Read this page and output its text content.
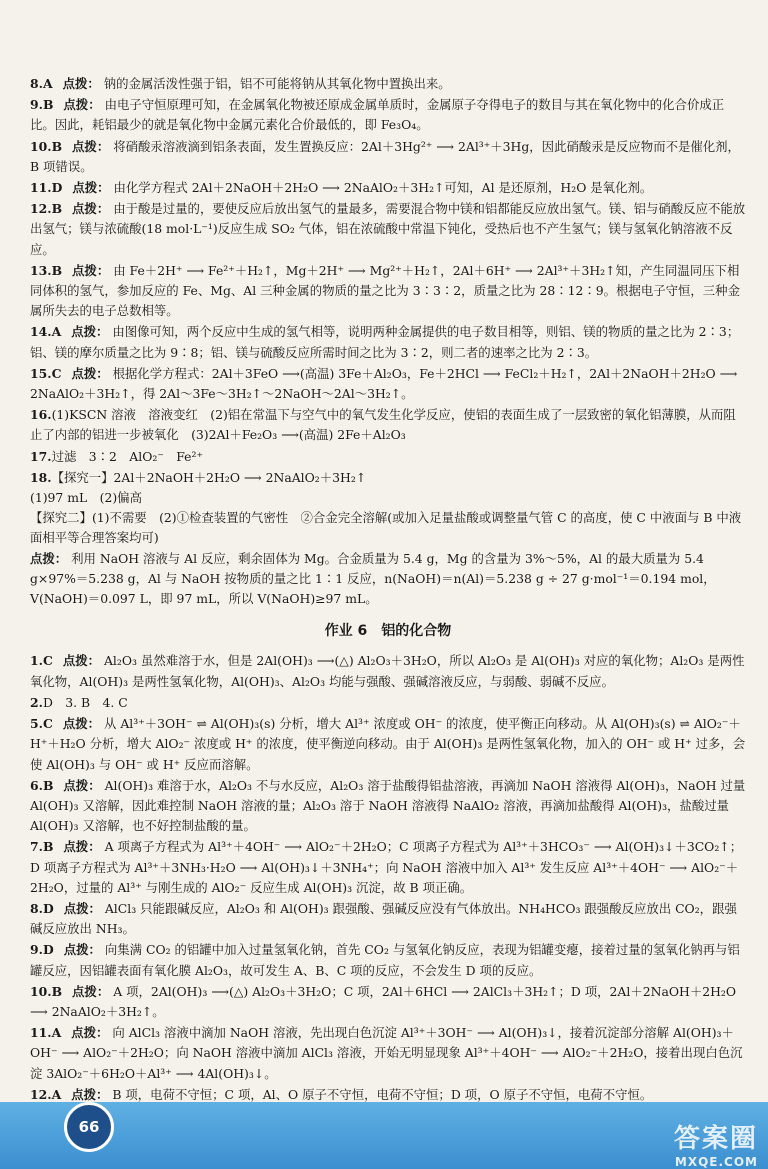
8.A 点拨： 钠的金属活泼性强于铝，铝不可能将钠从其氧化物中置换出来。
9.B 点拨： 由电子守恒原理可知，在金属氧化物被还原成金属单质时，金属原子夺得电子的数目与其在氧化物中的化合价成正比。因此，耗铝最少的就是氧化物中金属元素化合价最低的，即 Fe₃O₄。
10.B 点拨： 将硝酸汞溶液滴到铝条表面，发生置换反应：2Al＋3Hg²⁺ ⟶ 2Al³⁺＋3Hg，因此硝酸汞是反应物而不是催化剂，B 项错误。
11.D 点拨： 由化学方程式 2Al＋2NaOH＋2H₂O ⟶ 2NaAlO₂＋3H₂↑可知，Al 是还原剂，H₂O 是氧化剂。
12.B 点拨： 由于酸是过量的，要使反应后放出氢气的量最多，需要混合物中镁和铝都能反应放出氢气。镁、铝与硝酸反应不能放出氢气；镁与浓硫酸(18 mol·L⁻¹)反应生成 SO₂ 气体，铝在浓硫酸中常温下钝化，受热后也不产生氢气；镁与氢氧化钠溶液不反应。
13.B 点拨： 由 Fe＋2H⁺ ⟶ Fe²⁺＋H₂↑，Mg＋2H⁺ ⟶ Mg²⁺＋H₂↑，2Al＋6H⁺ ⟶ 2Al³⁺＋3H₂↑知，产生同温同压下相同体积的氢气，参加反应的 Fe、Mg、Al 三种金属的物质的量之比为 3∶3∶2，质量之比为 28∶12∶9。根据电子守恒，三种金属所失去的电子总数相等。
14.A 点拨： 由图像可知，两个反应中生成的氢气相等，说明两种金属提供的电子数目相等，则铝、镁的物质的量之比为 2∶3；铝、镁的摩尔质量之比为 9∶8；铝、镁与硫酸反应所需时间之比为 3∶2，则二者的速率之比为 2∶3。
15.C 点拨： 根据化学方程式：2Al＋3FeO ⟶(高温) 3Fe＋Al₂O₃，Fe＋2HCl ⟶ FeCl₂＋H₂↑，2Al＋2NaOH＋2H₂O ⟶ 2NaAlO₂＋3H₂↑，得 2Al～3Fe～3H₂↑～2NaOH～2Al～3H₂↑。
16.(1)KSCN 溶液　溶液变红　(2)铝在常温下与空气中的氧气发生化学反应，使铝的表面生成了一层致密的氧化铝薄膜，从而阻止了内部的铝进一步被氧化　(3)2Al＋Fe₂O₃ ⟶(高温) 2Fe＋Al₂O₃
17.过滤　3∶2　AlO₂⁻　Fe²⁺
18.【探究一】2Al＋2NaOH＋2H₂O ⟶ 2NaAlO₂＋3H₂↑
(1)97 mL　(2)偏高
【探究二】(1)不需要　(2)①检查装置的气密性　②合金完全溶解(或加入足量盐酸或调整量气管 C 的高度，使 C 中液面与 B 中液面相平等合理答案均可)
点拨： 利用 NaOH 溶液与 Al 反应，剩余固体为 Mg。合金质量为 5.4 g，Mg 的含量为 3%～5%，Al 的最大质量为 5.4 g×97%＝5.238 g，Al 与 NaOH 按物质的量之比 1∶1 反应，n(NaOH)＝n(Al)＝5.238 g ÷ 27 g·mol⁻¹＝0.194 mol，V(NaOH)＝0.097 L，即 97 mL，所以 V(NaOH)≥97 mL。
作业 6 铝的化合物
1.C 点拨： Al₂O₃ 虽然难溶于水，但是 2Al(OH)₃ ⟶(△) Al₂O₃＋3H₂O，所以 Al₂O₃ 是 Al(OH)₃ 对应的氧化物；Al₂O₃ 是两性氧化物，Al(OH)₃ 是两性氢氧化物，Al(OH)₃、Al₂O₃ 均能与强酸、强碱溶液反应，与弱酸、弱碱不反应。
2.D　3. B　4. C
5.C 点拨： 从 Al³⁺＋3OH⁻ ⇌ Al(OH)₃(s) 分析，增大 Al³⁺ 浓度或 OH⁻ 的浓度，使平衡正向移动。从 Al(OH)₃(s) ⇌ AlO₂⁻＋H⁺＋H₂O 分析，增大 AlO₂⁻ 浓度或 H⁺ 的浓度，使平衡逆向移动。由于 Al(OH)₃ 是两性氢氧化物，加入的 OH⁻ 或 H⁺ 过多，会使 Al(OH)₃ 与 OH⁻ 或 H⁺ 反应而溶解。
6.B 点拨： Al(OH)₃ 难溶于水，Al₂O₃ 不与水反应，Al₂O₃ 溶于盐酸得铝盐溶液，再滴加 NaOH 溶液得 Al(OH)₃，NaOH 过量 Al(OH)₃ 又溶解，因此难控制 NaOH 溶液的量；Al₂O₃ 溶于 NaOH 溶液得 NaAlO₂ 溶液，再滴加盐酸得 Al(OH)₃，盐酸过量 Al(OH)₃ 又溶解，也不好控制盐酸的量。
7.B 点拨： A 项离子方程式为 Al³⁺＋4OH⁻ ⟶ AlO₂⁻＋2H₂O；C 项离子方程式为 Al³⁺＋3HCO₃⁻ ⟶ Al(OH)₃↓＋3CO₂↑；D 项离子方程式为 Al³⁺＋3NH₃·H₂O ⟶ Al(OH)₃↓＋3NH₄⁺；向 NaOH 溶液中加入 Al³⁺ 发生反应 Al³⁺＋4OH⁻ ⟶ AlO₂⁻＋2H₂O，过量的 Al³⁺ 与刚生成的 AlO₂⁻ 反应生成 Al(OH)₃ 沉淀，故 B 项正确。
8.D 点拨： AlCl₃ 只能跟碱反应，Al₂O₃ 和 Al(OH)₃ 跟强酸、强碱反应没有气体放出。NH₄HCO₃ 跟强酸反应放出 CO₂，跟强碱反应放出 NH₃。
9.D 点拨： 向集满 CO₂ 的铝罐中加入过量氢氧化钠，首先 CO₂ 与氢氧化钠反应，表现为铝罐变瘪，接着过量的氢氧化钠再与铝罐反应，因铝罐表面有氧化膜 Al₂O₃，故可发生 A、B、C 项的反应，不会发生 D 项的反应。
10.B 点拨： A 项，2Al(OH)₃ ⟶(△) Al₂O₃＋3H₂O；C 项，2Al＋6HCl ⟶ 2AlCl₃＋3H₂↑；D 项，2Al＋2NaOH＋2H₂O ⟶ 2NaAlO₂＋3H₂↑。
11.A 点拨： 向 AlCl₃ 溶液中滴加 NaOH 溶液，先出现白色沉淀 Al³⁺＋3OH⁻ ⟶ Al(OH)₃↓，接着沉淀部分溶解 Al(OH)₃＋OH⁻ ⟶ AlO₂⁻＋2H₂O；向 NaOH 溶液中滴加 AlCl₃ 溶液，开始无明显现象 Al³⁺＋4OH⁻ ⟶ AlO₂⁻＋2H₂O，接着出现白色沉淀 3AlO₂⁻＋6H₂O＋Al³⁺ ⟶ 4Al(OH)₃↓。
12.A 点拨： B 项，电荷不守恒；C 项，Al、O 原子不守恒，电荷不守恒；D 项，O 原子不守恒，电荷不守恒。
66	答案圈
MXQE.COM
